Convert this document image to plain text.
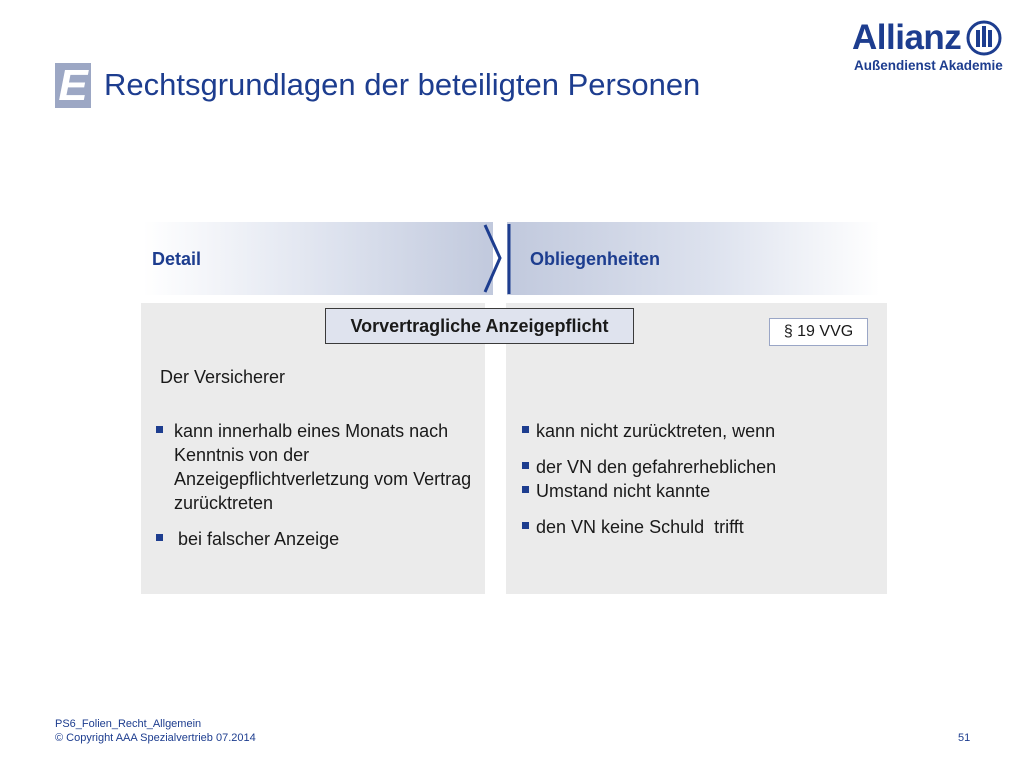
E Rechtsgrundlagen der beteiligten Personen
Allianz
Außendienst Akademie
Detail	Obliegenheiten
Vorvertragliche Anzeigepflicht	§ 19 VVG
Der Versicherer
kann innerhalb eines Monats nach Kenntnis von der Anzeigepflichtverletzung vom Vertrag zurücktreten
bei falscher Anzeige
kann nicht zurücktreten, wenn
der VN den gefahrerheblichen
Umstand nicht kannte
den VN keine Schuld  trifft
PS6_Folien_Recht_Allgemein
© Copyright AAA Spezialvertrieb 07.2014	51
